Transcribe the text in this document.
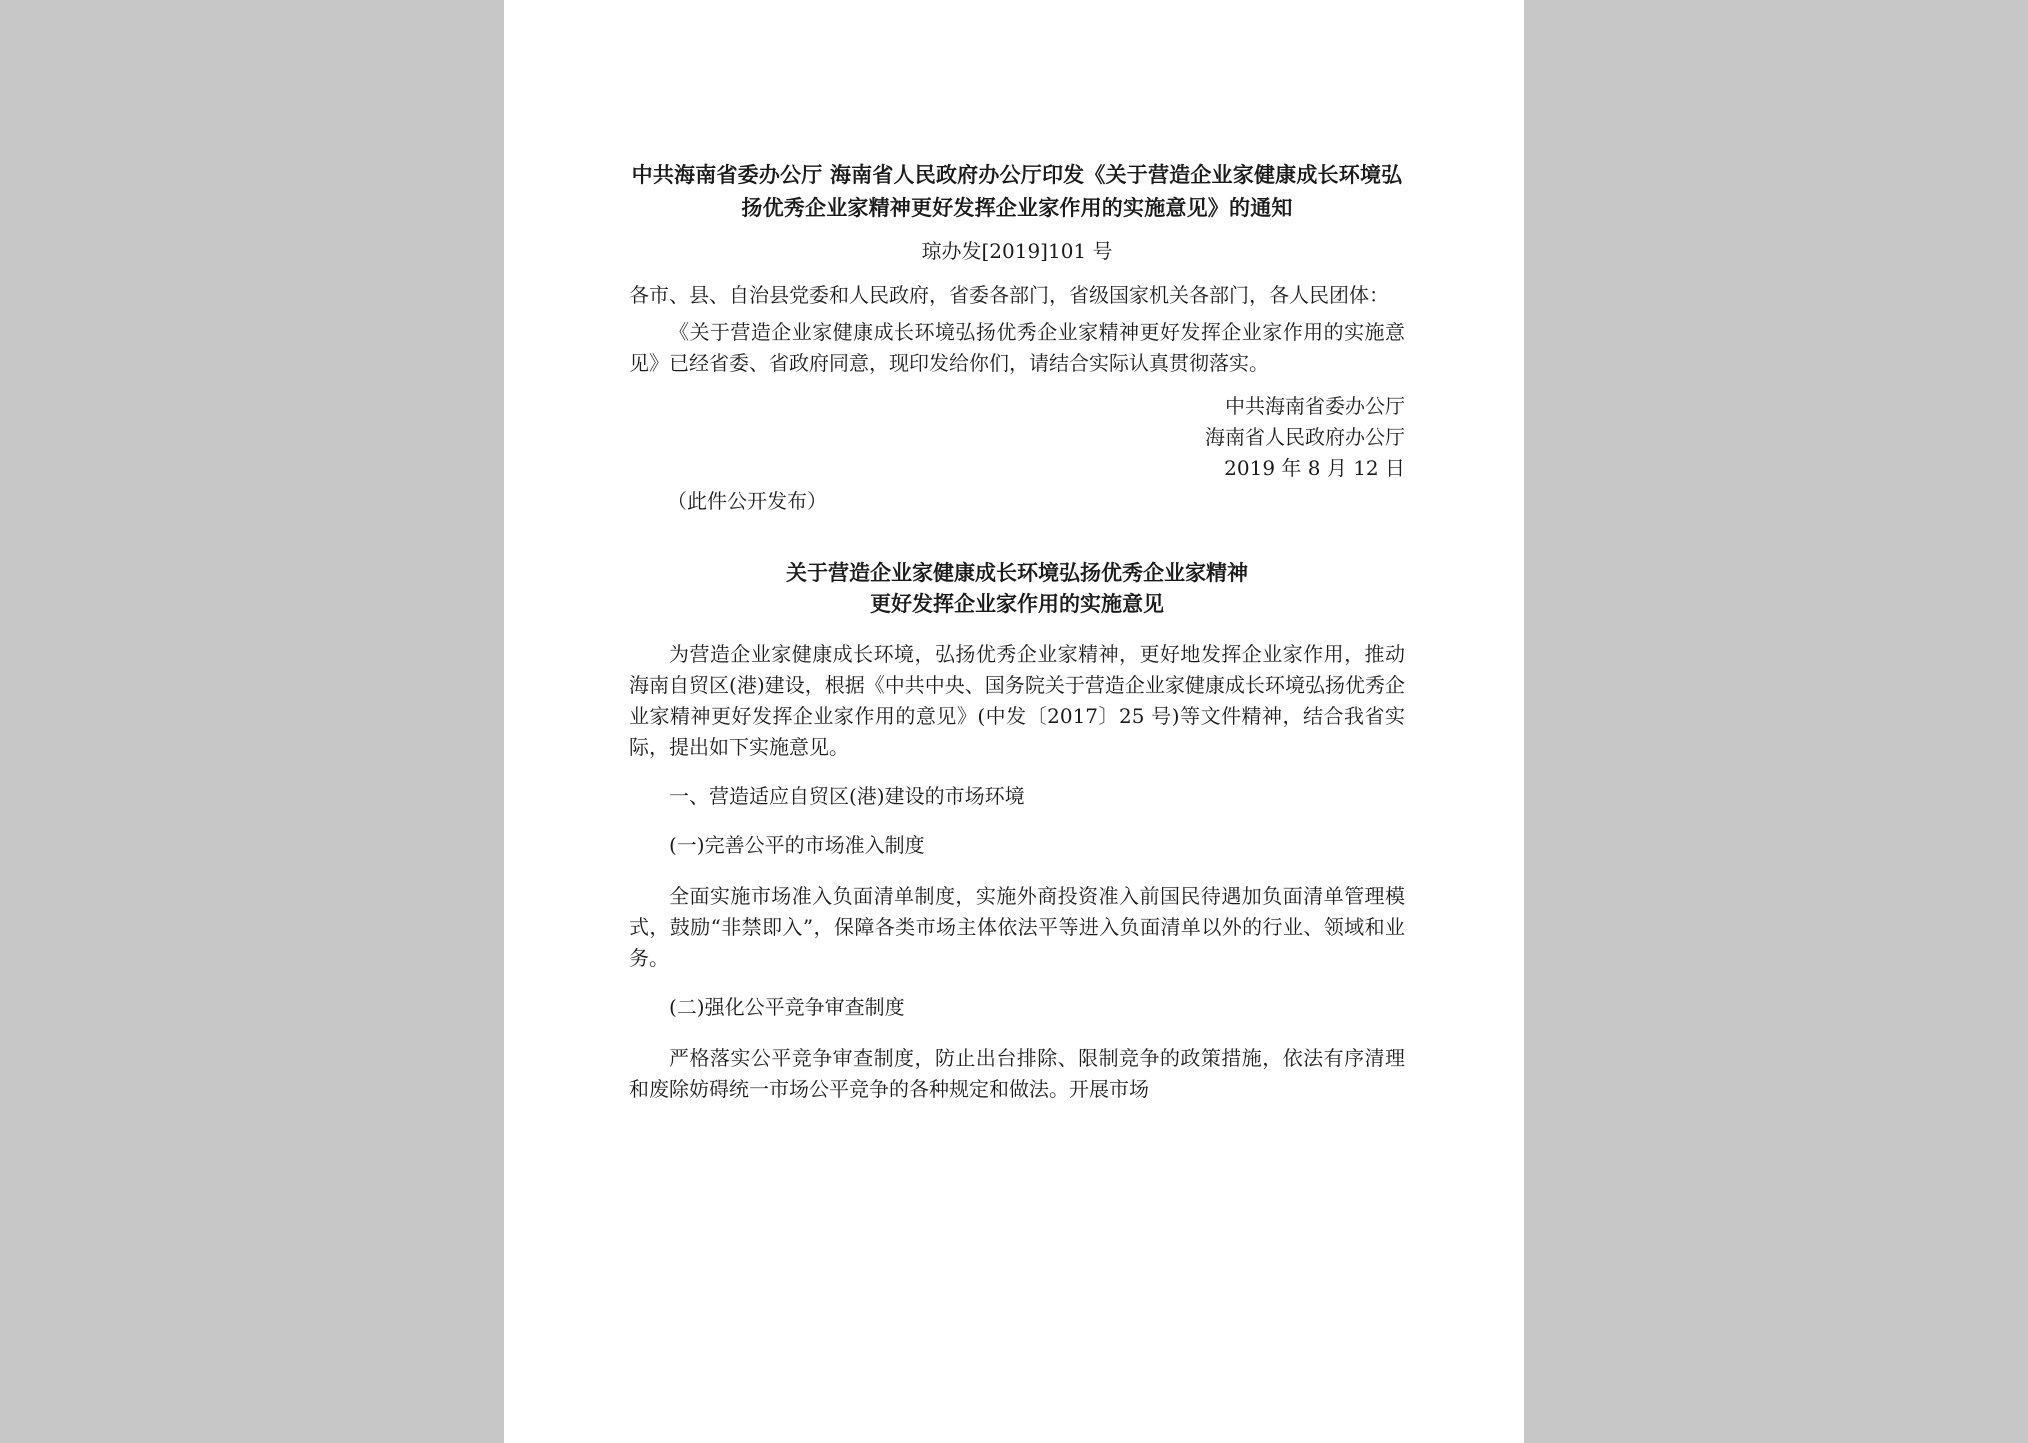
中共海南省委办公厅 海南省人民政府办公厅印发《关于营造企业家健康成长环境弘扬优秀企业家精神更好发挥企业家作用的实施意见》的通知

琼办发[2019]101 号

各市、县、自治县党委和人民政府，省委各部门，省级国家机关各部门，各人民团体：

《关于营造企业家健康成长环境弘扬优秀企业家精神更好发挥企业家作用的实施意见》已经省委、省政府同意，现印发给你们，请结合实际认真贯彻落实。

中共海南省委办公厅
海南省人民政府办公厅
2019 年 8 月 12 日

（此件公开发布）

关于营造企业家健康成长环境弘扬优秀企业家精神
更好发挥企业家作用的实施意见

为营造企业家健康成长环境，弘扬优秀企业家精神，更好地发挥企业家作用，推动海南自贸区(港)建设，根据《中共中央、国务院关于营造企业家健康成长环境弘扬优秀企业家精神更好发挥企业家作用的意见》(中发〔2017〕25 号)等文件精神，结合我省实际，提出如下实施意见。

一、营造适应自贸区(港)建设的市场环境

(一)完善公平的市场准入制度

全面实施市场准入负面清单制度，实施外商投资准入前国民待遇加负面清单管理模式，鼓励“非禁即入”，保障各类市场主体依法平等进入负面清单以外的行业、领域和业务。

(二)强化公平竞争审查制度

严格落实公平竞争审查制度，防止出台排除、限制竞争的政策措施，依法有序清理和废除妨碍统一市场公平竞争的各种规定和做法。开展市场
